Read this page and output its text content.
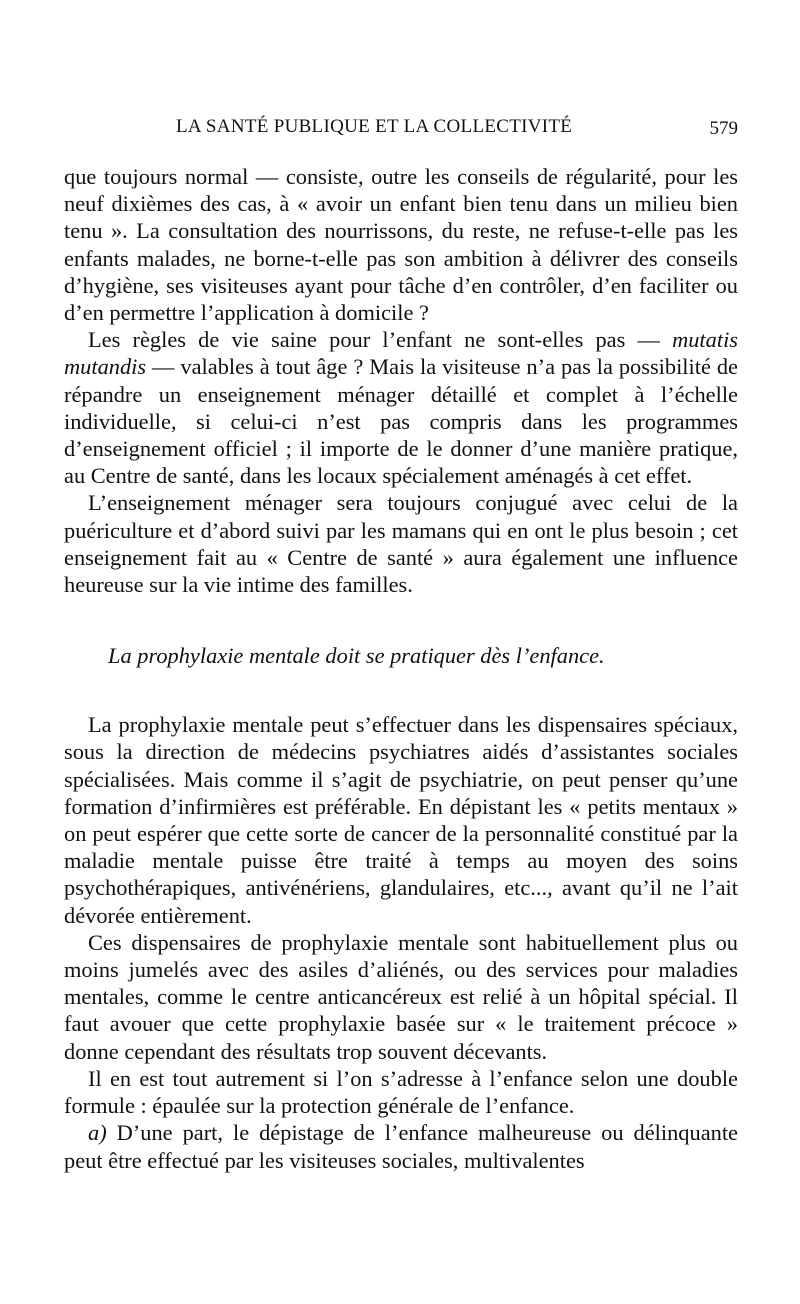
LA SANTÉ PUBLIQUE ET LA COLLECTIVITÉ	579

que toujours normal — consiste, outre les conseils de régularité, pour les neuf dixièmes des cas, à « avoir un enfant bien tenu dans un milieu bien tenu ». La consultation des nourrissons, du reste, ne refuse-t-elle pas les enfants malades, ne borne-t-elle pas son ambition à délivrer des conseils d’hygiène, ses visiteuses ayant pour tâche d’en contrôler, d’en faciliter ou d’en permettre l’application à domicile ?

Les règles de vie saine pour l’enfant ne sont-elles pas — mutatis mutandis — valables à tout âge ? Mais la visiteuse n’a pas la possibilité de répandre un enseignement ménager détaillé et complet à l’échelle individuelle, si celui-ci n’est pas compris dans les programmes d’enseignement officiel ; il importe de le donner d’une manière pratique, au Centre de santé, dans les locaux spécialement aménagés à cet effet.

L’enseignement ménager sera toujours conjugué avec celui de la puériculture et d’abord suivi par les mamans qui en ont le plus besoin ; cet enseignement fait au « Centre de santé » aura également une influence heureuse sur la vie intime des familles.

La prophylaxie mentale doit se pratiquer dès l’enfance.

La prophylaxie mentale peut s’effectuer dans les dispensaires spéciaux, sous la direction de médecins psychiatres aidés d’assistantes sociales spécialisées. Mais comme il s’agit de psychiatrie, on peut penser qu’une formation d’infirmières est préférable. En dépistant les « petits mentaux » on peut espérer que cette sorte de cancer de la personnalité constitué par la maladie mentale puisse être traité à temps au moyen des soins psychothérapiques, antivénériens, glandulaires, etc..., avant qu’il ne l’ait dévorée entièrement.

Ces dispensaires de prophylaxie mentale sont habituellement plus ou moins jumelés avec des asiles d’aliénés, ou des services pour maladies mentales, comme le centre anticancéreux est relié à un hôpital spécial. Il faut avouer que cette prophylaxie basée sur « le traitement précoce » donne cependant des résultats trop souvent décevants.

Il en est tout autrement si l’on s’adresse à l’enfance selon une double formule : épaulée sur la protection générale de l’enfance.

a) D’une part, le dépistage de l’enfance malheureuse ou délinquante peut être effectué par les visiteuses sociales, multivalentes
